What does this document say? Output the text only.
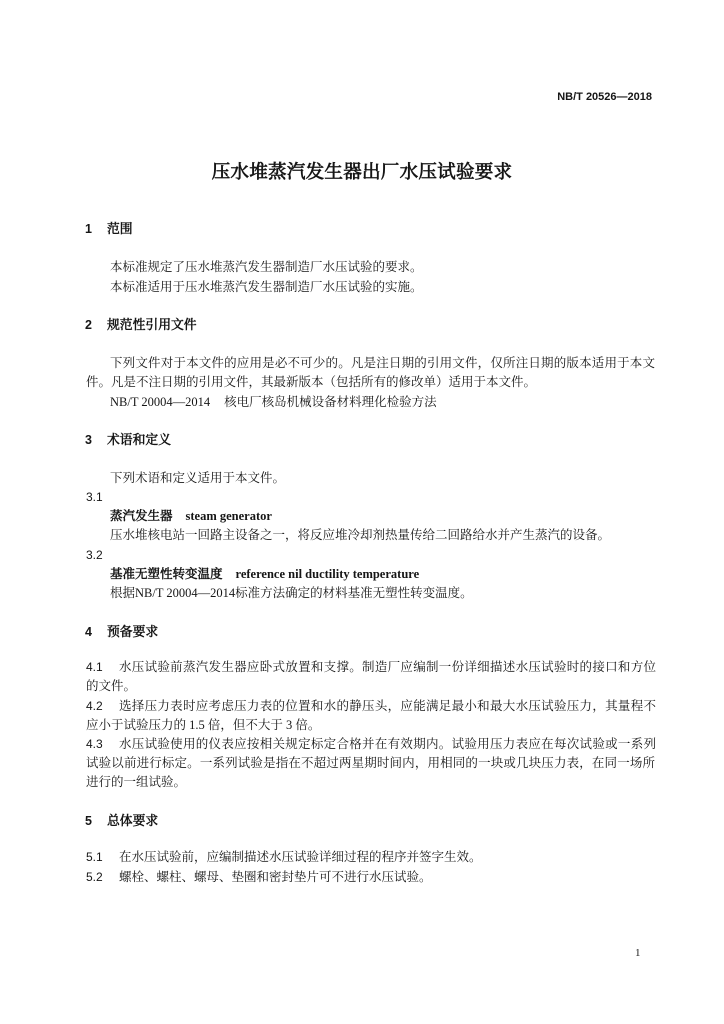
NB/T 20526—2018
压水堆蒸汽发生器出厂水压试验要求
1 范围
本标准规定了压水堆蒸汽发生器制造厂水压试验的要求。
本标准适用于压水堆蒸汽发生器制造厂水压试验的实施。
2 规范性引用文件
下列文件对于本文件的应用是必不可少的。凡是注日期的引用文件，仅所注日期的版本适用于本文
件。凡是不注日期的引用文件，其最新版本（包括所有的修改单）适用于本文件。
NB/T 20004—2014 核电厂核岛机械设备材料理化检验方法
3 术语和定义
下列术语和定义适用于本文件。
3.1
蒸汽发生器 steam generator
压水堆核电站一回路主设备之一，将反应堆冷却剂热量传给二回路给水并产生蒸汽的设备。
3.2
基准无塑性转变温度 reference nil ductility temperature
根据NB/T 20004—2014标准方法确定的材料基准无塑性转变温度。
4 预备要求
4.1 水压试验前蒸汽发生器应卧式放置和支撑。制造厂应编制一份详细描述水压试验时的接口和方位
的文件。
4.2 选择压力表时应考虑压力表的位置和水的静压头，应能满足最小和最大水压试验压力，其量程不
应小于试验压力的 1.5 倍，但不大于 3 倍。
4.3 水压试验使用的仪表应按相关规定标定合格并在有效期内。试验用压力表应在每次试验或一系列
试验以前进行标定。一系列试验是指在不超过两星期时间内，用相同的一块或几块压力表，在同一场所
进行的一组试验。
5 总体要求
5.1 在水压试验前，应编制描述水压试验详细过程的程序并签字生效。
5.2 螺栓、螺柱、螺母、垫圈和密封垫片可不进行水压试验。
1
